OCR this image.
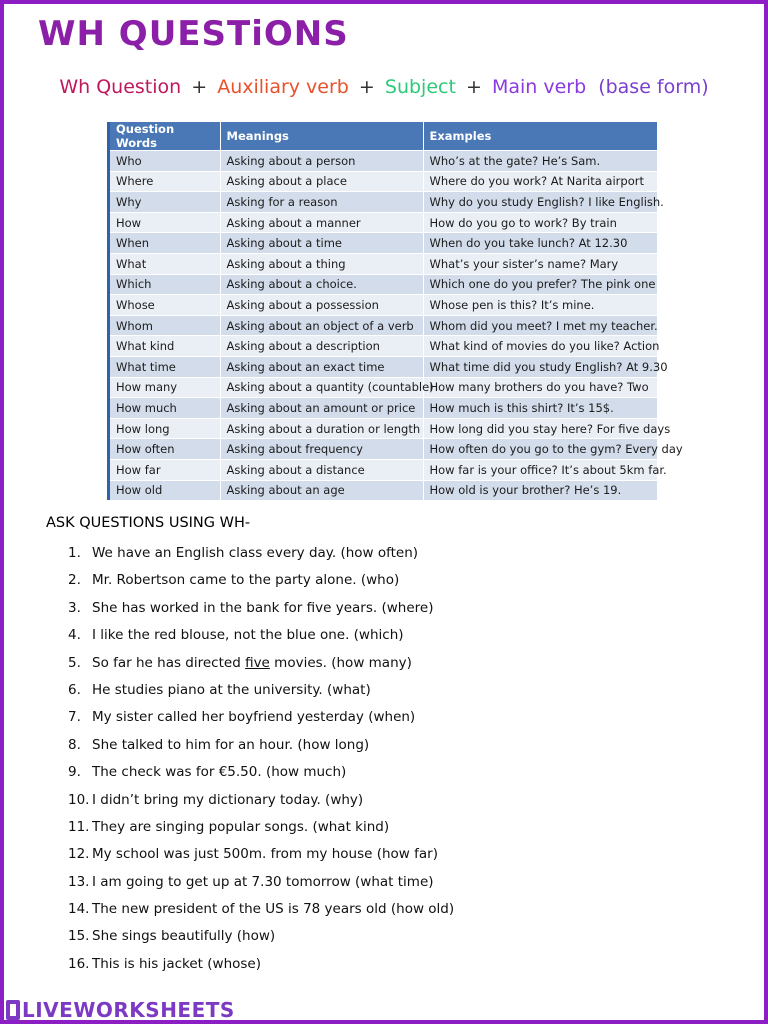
WH QUESTiONS
Wh Question + Auxiliary verb + Subject + Main verb (base form)
Question Words	Meanings	Examples
Who	Asking about a person	Who’s at the gate? He’s Sam.
Where	Asking about a place	Where do you work? At Narita airport
Why	Asking for a reason	Why do you study English? I like English.
How	Asking about a manner	How do you go to work? By train
When	Asking about a time	When do you take lunch? At 12.30
What	Asking about a thing	What’s your sister’s name? Mary
Which	Asking about a choice.	Which one do you prefer? The pink one
Whose	Asking about a possession	Whose pen is this? It’s mine.
Whom	Asking about an object of a verb	Whom did you meet? I met my teacher.
What kind	Asking about a description	What kind of movies do you like? Action
What time	Asking about an exact time	What time did you study English? At 9.30
How many	Asking about a quantity (countable)	How many brothers do you have? Two
How much	Asking about an amount or price	How much is this shirt? It’s 15$.
How long	Asking about a duration or length	How long did you stay here? For five days
How often	Asking about frequency	How often do you go to the gym? Every day
How far	Asking about a distance	How far is your office? It’s about 5km far.
How old	Asking about an age	How old is your brother? He’s 19.
ASK QUESTIONS USING WH-
1. We have an English class every day. (how often)
2. Mr. Robertson came to the party alone. (who)
3. She has worked in the bank for five years. (where)
4. I like the red blouse, not the blue one. (which)
5. So far he has directed five movies. (how many)
6. He studies piano at the university. (what)
7. My sister called her boyfriend yesterday (when)
8. She talked to him for an hour. (how long)
9. The check was for €5.50. (how much)
10. I didn’t bring my dictionary today. (why)
11. They are singing popular songs. (what kind)
12. My school was just 500m. from my house (how far)
13. I am going to get up at 7.30 tomorrow (what time)
14. The new president of the US is 78 years old (how old)
15. She sings beautifully (how)
16. This is his jacket (whose)
LIVEWORKSHEETS
